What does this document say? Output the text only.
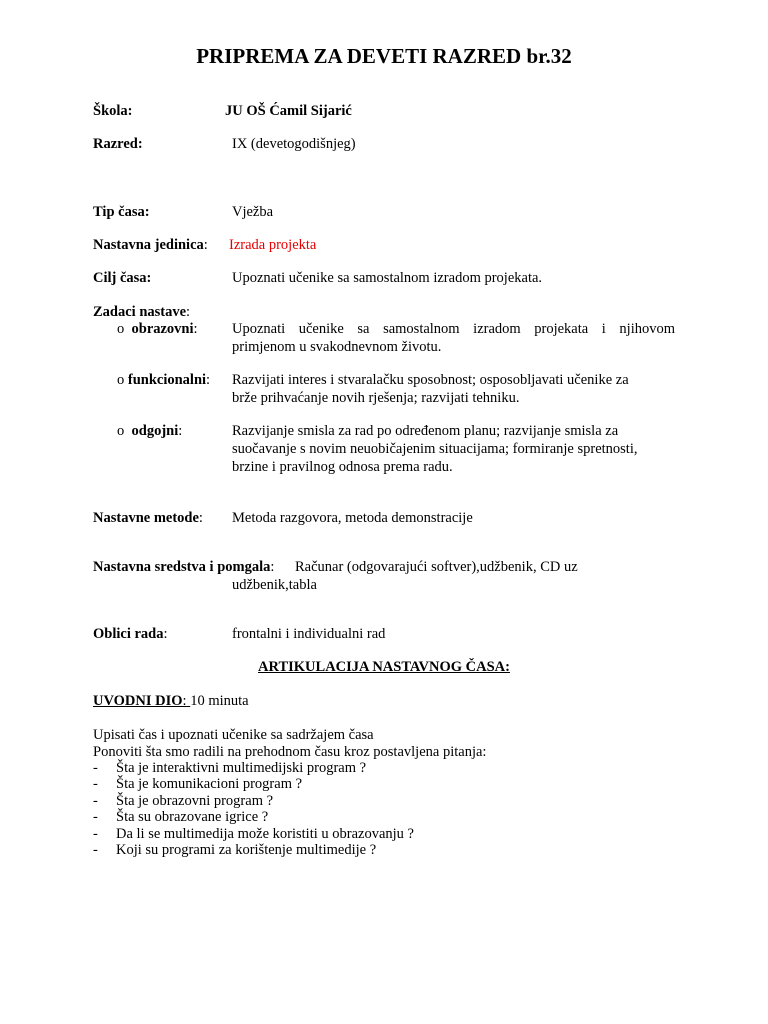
PRIPREMA ZA DEVETI RAZRED br.32
Škola:	JU OŠ Ćamil Sijarić
Razred:	IX (devetogodišnjeg)
Tip časa:	Vježba
Nastavna jedinica: Izrada projekta
Cilj časa:	Upoznati učenike sa samostalnom izradom projekata.
Zadaci nastave:
o obrazovni: Upoznati učenike sa samostalnom izradom projekata i njihovom
primjenom u svakodnevnom životu.
o funkcionalni: Razvijati interes i stvaralačku sposobnost; osposobljavati učenike za
brže prihvaćanje novih rješenja; razvijati tehniku.
o odgojni:	Razvijanje smisla za rad po određenom planu; razvijanje smisla za
suočavanje s novim neuobičajenim situacijama; formiranje spretnosti,
brzine i pravilnog odnosa prema radu.
Nastavne metode: Metoda razgovora, metoda demonstracije
Nastavna sredstva i pomgala: Računar (odgovarajući softver),udžbenik, CD uz
udžbenik,tabla
Oblici rada:	frontalni i individualni rad
ARTIKULACIJA NASTAVNOG ČASA:
UVODNI DIO: 10 minuta
Upisati čas i upoznati učenike sa sadržajem časa
Ponoviti šta smo radili na prehodnom času kroz postavljena pitanja:
- Šta je interaktivni multimedijski program ?
- Šta je komunikacioni program ?
- Šta je obrazovni program ?
- Šta su obrazovane igrice ?
- Da li se multimedija može koristiti u obrazovanju ?
- Koji su programi za korištenje multimedije ?
